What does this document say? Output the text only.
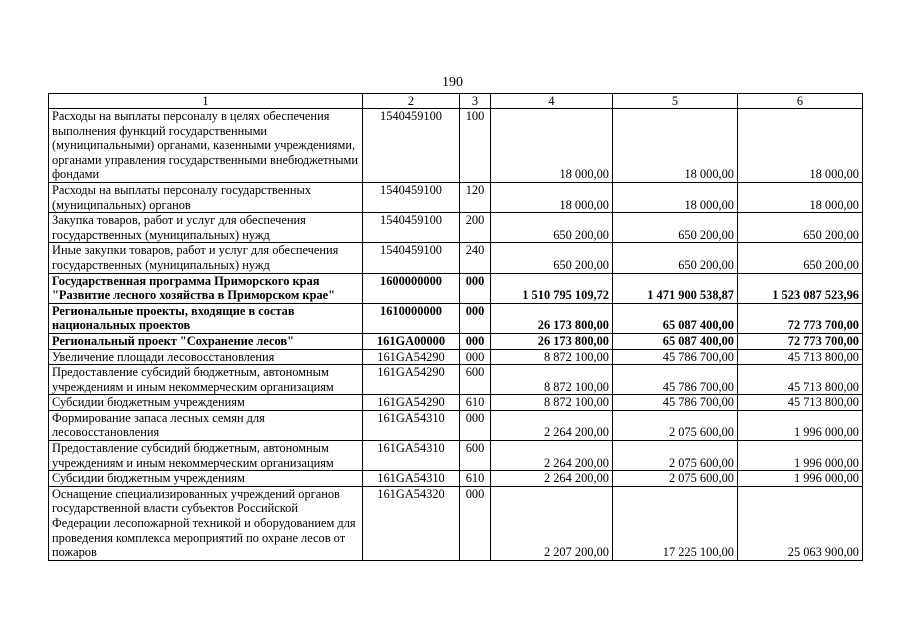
190
1	2	3	4	5	6
Расходы на выплаты персоналу в целях обеспечения выполнения функций государственными (муниципальными) органами, казенными учреждениями, органами управления государственными внебюджетными фондами	1540459100	100	18 000,00	18 000,00	18 000,00
Расходы на выплаты персоналу государственных (муниципальных) органов	1540459100	120	18 000,00	18 000,00	18 000,00
Закупка товаров, работ и услуг для обеспечения государственных (муниципальных) нужд	1540459100	200	650 200,00	650 200,00	650 200,00
Иные закупки товаров, работ и услуг для обеспечения государственных (муниципальных) нужд	1540459100	240	650 200,00	650 200,00	650 200,00
Государственная программа Приморского края "Развитие лесного хозяйства в Приморском крае"	1600000000	000	1 510 795 109,72	1 471 900 538,87	1 523 087 523,96
Региональные проекты, входящие в состав национальных проектов	1610000000	000	26 173 800,00	65 087 400,00	72 773 700,00
Региональный проект "Сохранение лесов"	161GA00000	000	26 173 800,00	65 087 400,00	72 773 700,00
Увеличение площади лесовосстановления	161GA54290	000	8 872 100,00	45 786 700,00	45 713 800,00
Предоставление субсидий бюджетным, автономным учреждениям и иным некоммерческим организациям	161GA54290	600	8 872 100,00	45 786 700,00	45 713 800,00
Субсидии бюджетным учреждениям	161GA54290	610	8 872 100,00	45 786 700,00	45 713 800,00
Формирование запаса лесных семян для лесовосстановления	161GA54310	000	2 264 200,00	2 075 600,00	1 996 000,00
Предоставление субсидий бюджетным, автономным учреждениям и иным некоммерческим организациям	161GA54310	600	2 264 200,00	2 075 600,00	1 996 000,00
Субсидии бюджетным учреждениям	161GA54310	610	2 264 200,00	2 075 600,00	1 996 000,00
Оснащение специализированных учреждений органов государственной власти субъектов Российской Федерации лесопожарной техникой и оборудованием для проведения комплекса мероприятий по охране лесов от пожаров	161GA54320	000	2 207 200,00	17 225 100,00	25 063 900,00
